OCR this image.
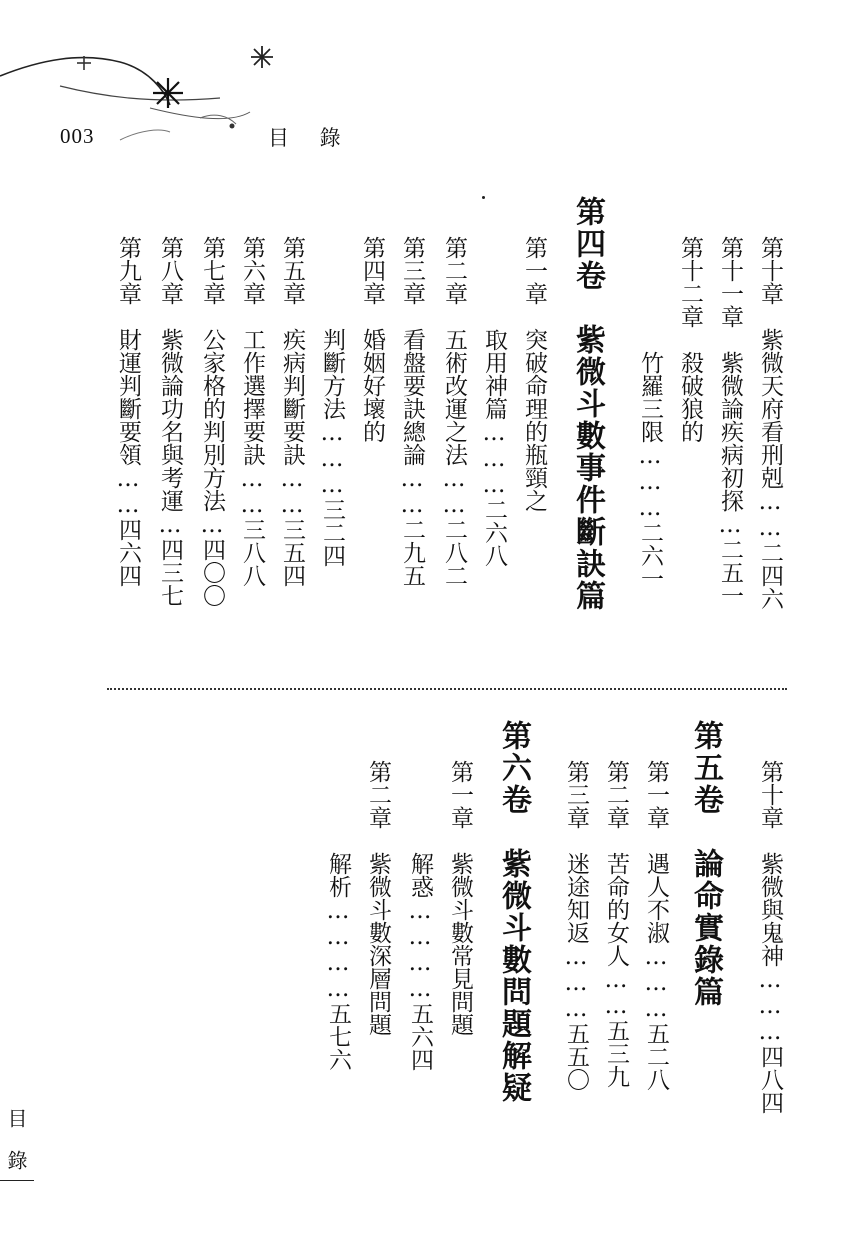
003	目 錄
第十章　紫微天府看刑剋……二四六
第十一章　紫微論疾病初探…二五一
第十二章　殺破狼的
　　　　　竹羅三限………二六一
第四卷　紫微斗數事件斷訣篇
第一章　突破命理的瓶頸之
　　　　取用神篇………二六八
第二章　五術改運之法……二八二
第三章　看盤要訣總論……二九五
第四章　婚姻好壞的
　　　　判斷方法………三二四
第五章　疾病判斷要訣……三五四
第六章　工作選擇要訣……三八八
第七章　公家格的判別方法…四〇〇
第八章　紫微論功名與考運…四三七
第九章　財運判斷要領……四六四
第十章　紫微與鬼神………四八四
第五卷　論命實錄篇
第一章　遇人不淑………五二八
第二章　苦命的女人……五三九
第三章　迷途知返………五五〇
第六卷　紫微斗數問題解疑
第一章　紫微斗數常見問題
　　　　解惑…………五六四
第二章　紫微斗數深層問題
　　　　解析…………五七六
目錄
